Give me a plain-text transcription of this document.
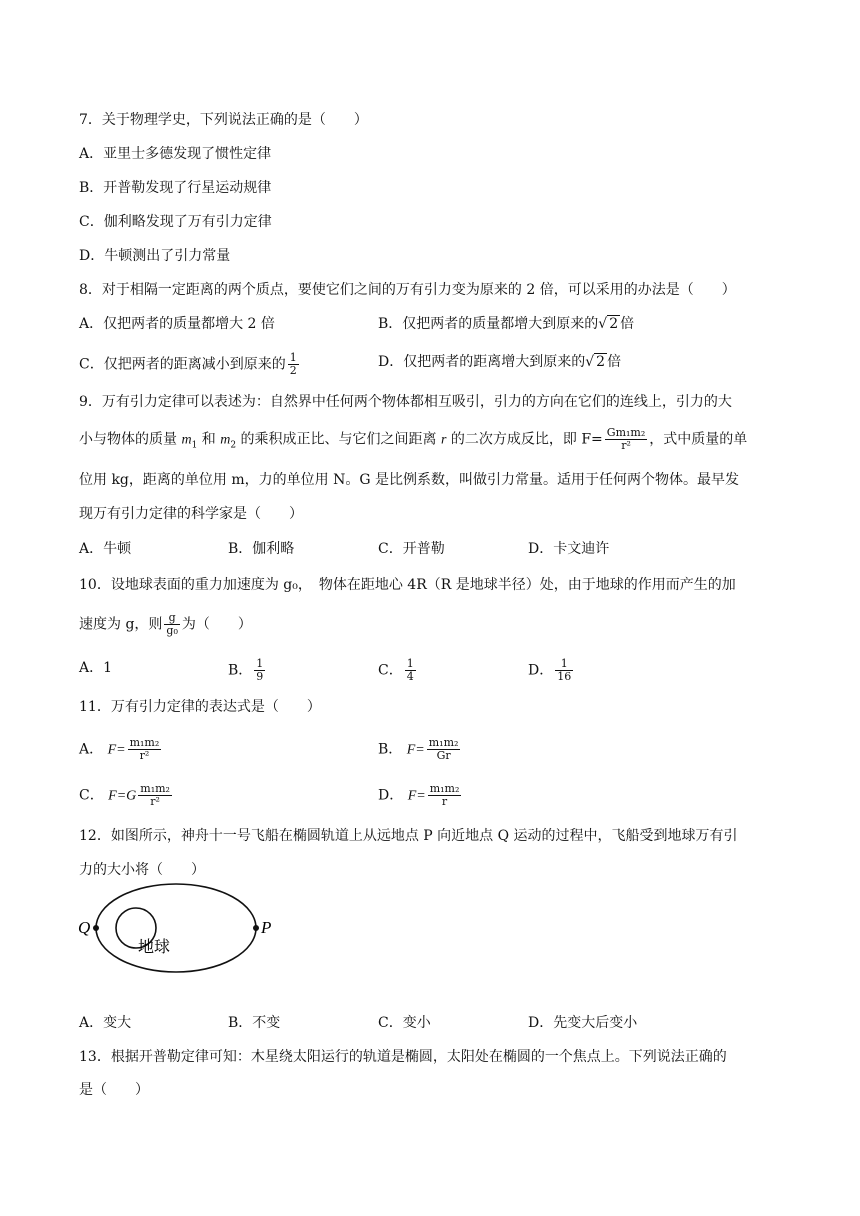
7．关于物理学史，下列说法正确的是（　　）
A．亚里士多德发现了惯性定律
B．开普勒发现了行星运动规律
C．伽利略发现了万有引力定律
D．牛顿测出了引力常量
8．对于相隔一定距离的两个质点，要使它们之间的万有引力变为原来的 2 倍，可以采用的办法是（　　）
A．仅把两者的质量都增大 2 倍	B．仅把两者的质量都增大到原来的√ 2 倍
C．仅把两者的距离减小到原来的 $\frac{1}{2}$	D．仅把两者的距离增大到原来的√ 2 倍
9．万有引力定律可以表述为：自然界中任何两个物体都相互吸引，引力的方向在它们的连线上，引力的大
小与物体的质量 $m_1$ 和 $m_2$ 的乘积成正比、与它们之间距离 r 的二次方成反比，即 $F= \frac{\text{Gm₁m₂}}{\text{r²}}$ ，式中质量的单
位用 kg，距离的单位用 m，力的单位用 N。G 是比例系数，叫做引力常量。适用于任何两个物体。最早发
现万有引力定律的科学家是（　　）
A．牛顿	B．伽利略	C．开普勒	D．卡文迪许
10．设地球表面的重力加速度为 g₀，　物体在距地心 4R（R 是地球半径）处，由于地球的作用而产生的加
速度为 g，则 $\frac{g}{\text{g₀}}$ 为（　　）
A．1	B． $\frac{1}{9}$	C． $\frac{1}{4}$	D． $\frac{1}{16}$
11．万有引力定律的表达式是（　　）
A． $F= \frac{\text{m₁m₂}}{\text{r²}}$	B． $F= \frac{\text{m₁m₂}}{Gr}$
C． $F=G \frac{\text{m₁m₂}}{\text{r²}}$	D． $F= \frac{\text{m₁m₂}}{r}$
12．如图所示，神舟十一号飞船在椭圆轨道上从远地点 P 向近地点 Q 运动的过程中，飞船受到地球万有引
力的大小将（　　）
Q	P
地球
A．变大	B．不变	C．变小	D．先变大后变小
13．根据开普勒定律可知：木星绕太阳运行的轨道是椭圆，太阳处在椭圆的一个焦点上。下列说法正确的
是（　　）
